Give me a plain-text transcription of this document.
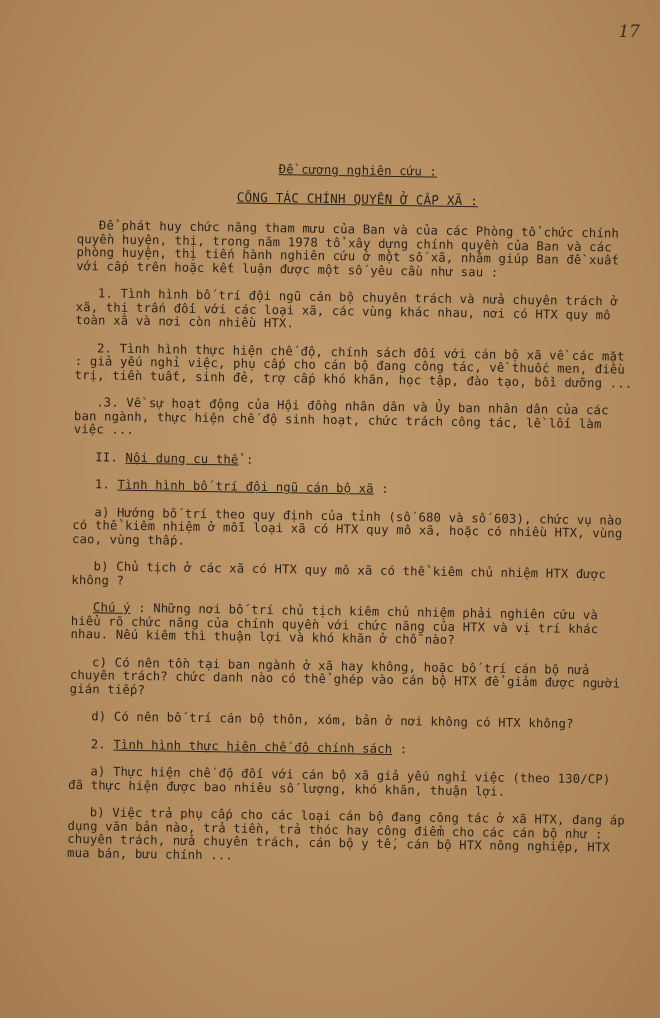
17
Đề cương nghiên cứu :
CÔNG TÁC CHÍNH QUYỀN Ở CẤP XÃ :

Để phát huy chức năng tham mưu của Ban và của các Phòng tổ chức chính quyền huyện, thị, trong năm 1978 tổ xây dựng chính quyền của Ban và các phòng huyện, thị tiến hành nghiên cứu ở một số xã, nhằm giúp Ban đề xuất với cấp trên hoặc kết luận được một số yêu cầu như sau :

1. Tình hình bố trí đội ngũ cán bộ chuyên trách và nửa chuyên trách ở xã, thị trấn đối với các loại xã, các vùng khác nhau, nơi có HTX quy mô toàn xã và nơi còn nhiều HTX.

2. Tình hình thực hiện chế độ, chính sách đối với cán bộ xã về các mặt : giả yếu nghỉ việc, phụ cấp cho cán bộ đang công tác, về thuốc men, điều trị, tiền tuất, sinh đẻ, trợ cấp khó khăn, học tập, đào tạo, bồi dưỡng ...

.3. Về sự hoạt động của Hội đồng nhân dân và Ủy ban nhân dân của các ban ngành, thực hiện chế độ sinh hoạt, chức trách công tác, lề lối làm việc ...

II. Nội dung cụ thể :

1. Tình hình bố trí đội ngũ cán bộ xã :

a) Hướng bố trí theo quy định của tỉnh (số 680 và số 603), chức vụ nào có thể kiêm nhiệm ở mỗi loại xã có HTX quy mô xã, hoặc có nhiều HTX, vùng cao, vùng thấp.

b) Chủ tịch ở các xã có HTX quy mô xã có thể kiêm chủ nhiệm HTX được không ?

Chú ý : Những nơi bố trí chủ tịch kiêm chủ nhiệm phải nghiên cứu và hiểu rõ chức năng của chính quyền với chức năng của HTX và vị trí khác nhau. Nếu kiêm thì thuận lợi và khó khăn ở chỗ nào?

c) Có nên tồn tại ban ngành ở xã hay không, hoặc bố trí cán bộ nửa chuyên trách? chức danh nào có thể ghép vào cán bộ HTX để giảm được người gián tiếp?

d) Có nên bố trí cán bộ thôn, xóm, bản ở nơi không có HTX không?

2. Tình hình thực hiện chế độ chính sách :

a) Thực hiện chế độ đối với cán bộ xã giả yếu nghỉ việc (theo 130/CP) đã thực hiện được bao nhiêu số lượng, khó khăn, thuận lợi.

b) Việc trả phụ cấp cho các loại cán bộ đang công tác ở xã HTX, đang áp dụng văn bản nào, trả tiền, trả thóc hay công điểm cho các cán bộ như : chuyên trách, nửa chuyên trách, cán bộ y tế, cán bộ HTX nông nghiệp, HTX mua bán, bưu chính ...
